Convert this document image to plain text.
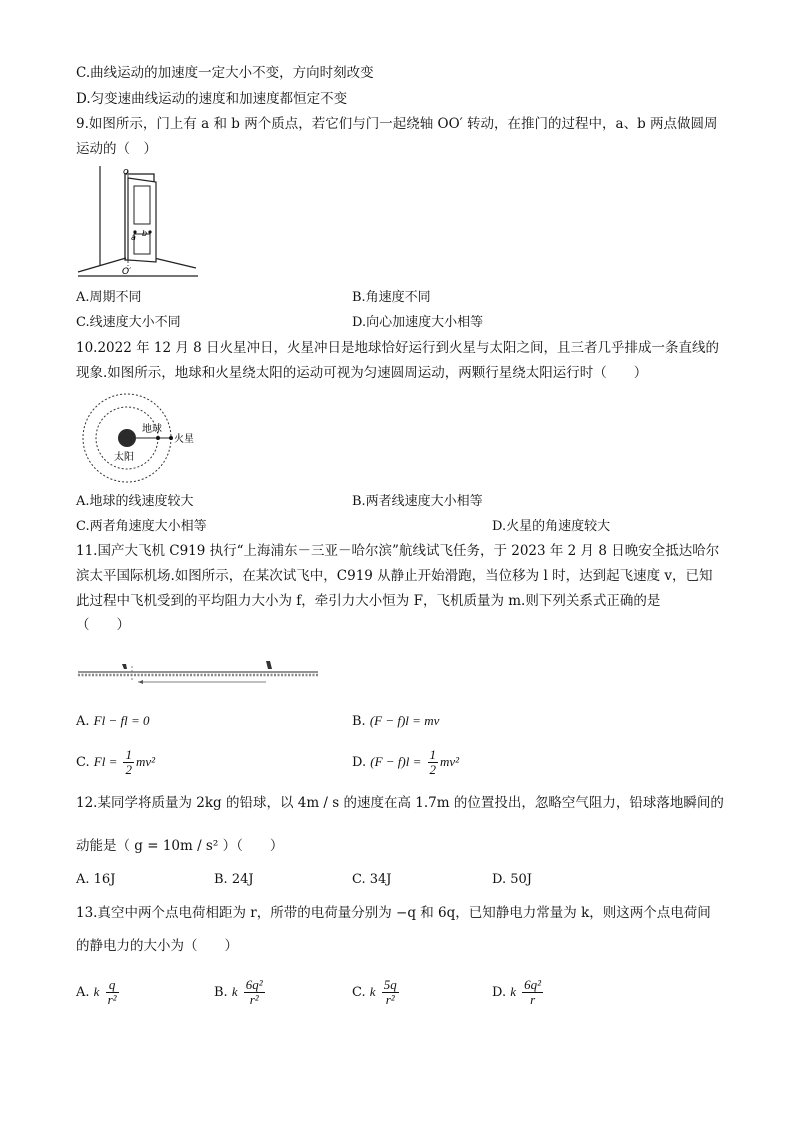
C.曲线运动的加速度一定大小不变，方向时刻改变
D.匀变速曲线运动的速度和加速度都恒定不变
9.如图所示，门上有 a 和 b 两个质点，若它们与门一起绕轴 OO′ 转动，在推门的过程中，a、b 两点做圆周
运动的（　）
o
O′
a b
A.周期不同	B.角速度不同
C.线速度大小不同	D.向心加速度大小相等
10.2022 年 12 月 8 日火星冲日，火星冲日是地球恰好运行到火星与太阳之间，且三者几乎排成一条直线的
现象.如图所示，地球和火星绕太阳的运动可视为匀速圆周运动，两颗行星绕太阳运行时（　　）
地球
火星
太阳
A.地球的线速度较大	B.两者线速度大小相等
C.两者角速度大小相等	D.火星的角速度较大
11.国产大飞机 C919 执行“上海浦东－三亚－哈尔滨”航线试飞任务，于 2023 年 2 月 8 日晚安全抵达哈尔
滨太平国际机场.如图所示，在某次试飞中，C919 从静止开始滑跑，当位移为 l 时，达到起飞速度 v，已知
此过程中飞机受到的平均阻力大小为 f，牵引力大小恒为 F，飞机质量为 m.则下列关系式正确的是
（　　）
A. Fl − fl = 0	B. (F − f)l = mv
C. $Fl = \frac{1}{2} mv^2$	D. $(F - f)l = \frac{1}{2} mv^2$
12.某同学将质量为 2kg 的铅球，以 4m / s 的速度在高 1.7m 的位置投出，忽略空气阻力，铅球落地瞬间的
动能是（ g = 10m / s² ）（　　）
A. 16J	B. 24J	C. 34J	D. 50J
13.真空中两个点电荷相距为 r，所带的电荷量分别为 −q 和 6q，已知静电力常量为 k，则这两个点电荷间
的静电力的大小为（　　）
A. k $\frac{q}{\text{r²}}$	B. k $\frac{\text{6q²}}{\text{r²}}$	C. k $\frac{5q}{\text{r²}}$	D. k $\frac{\text{6q²}}{r}$
